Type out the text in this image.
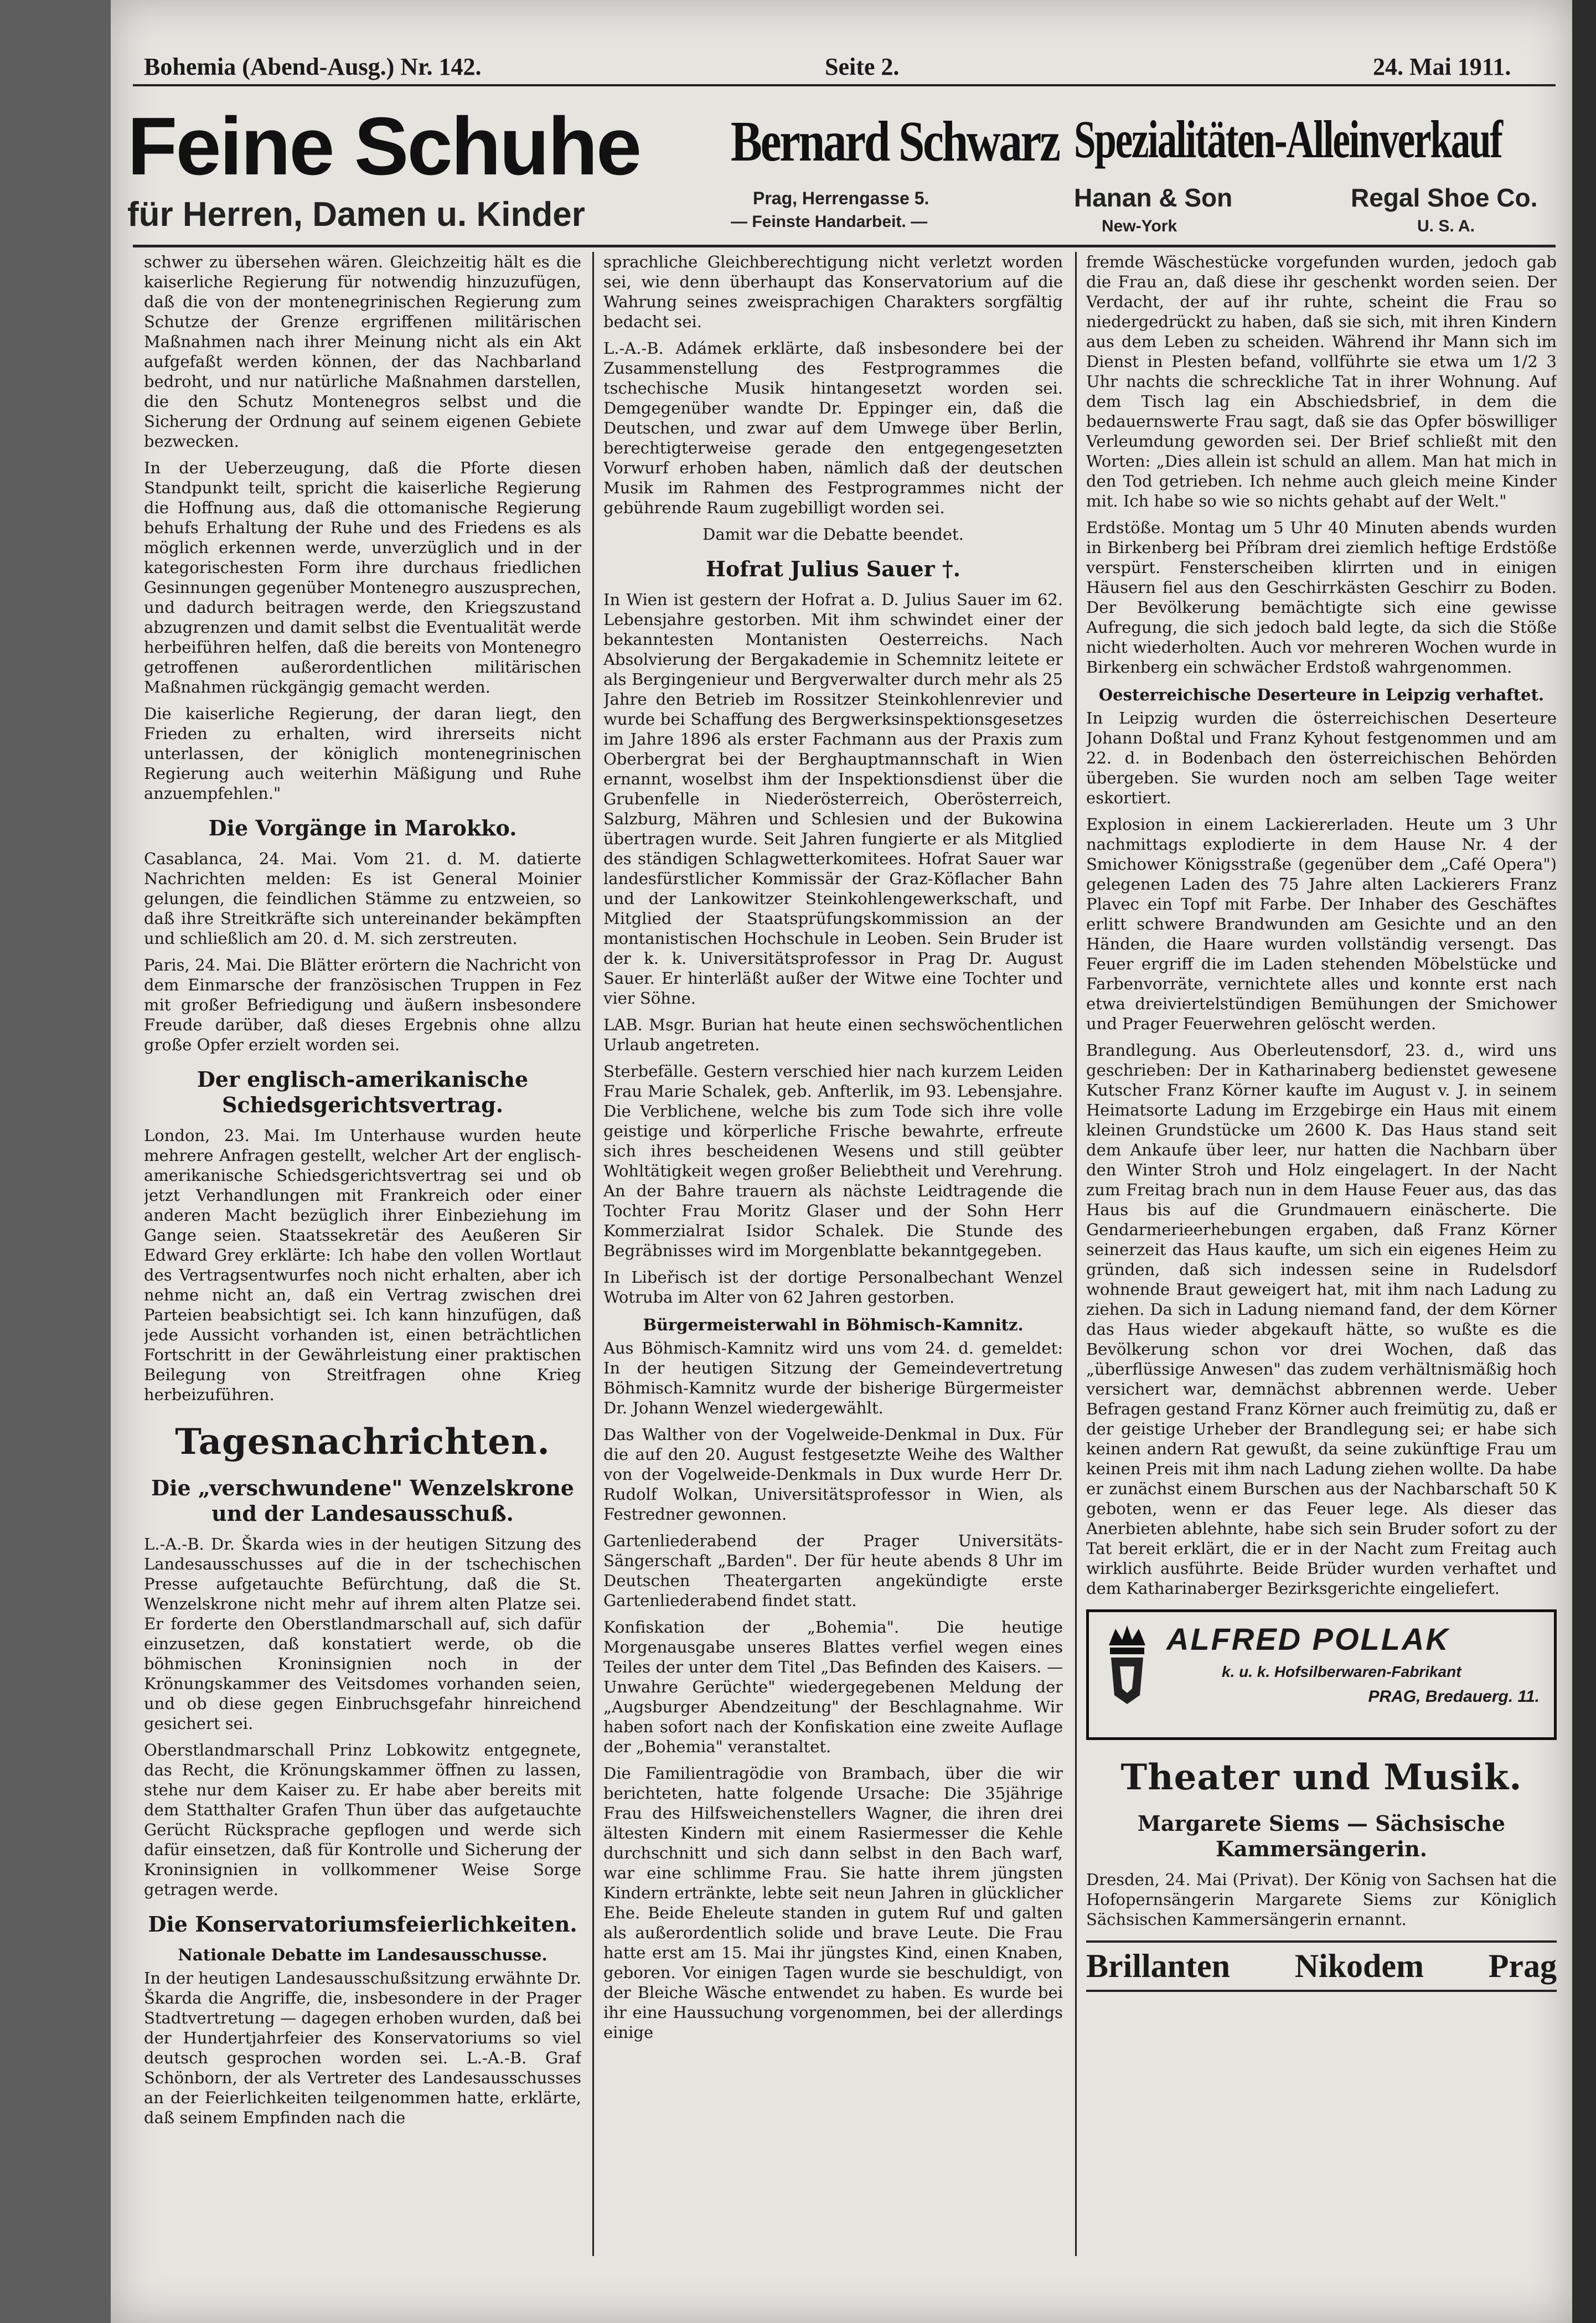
Bohemia (Abend-Ausg.) Nr. 142.	Seite 2.	24. Mai 1911.
Feine Schuhe
für Herren, Damen u. Kinder
Bernard Schwarz
Prag, Herrengasse 5.
— Feinste Handarbeit. —
Spezialitäten-Alleinverkauf
Hanan & Son
New-York
Regal Shoe Co.
U. S. A.

schwer zu übersehen wären. Gleichzeitig hält es die kaiserliche Regierung für notwendig hinzuzufügen, daß die von der montenegrinischen Regierung zum Schutze der Grenze ergriffenen militärischen Maßnahmen nach ihrer Meinung nicht als ein Akt aufgefaßt werden können, der das Nachbarland bedroht, und nur natürliche Maßnahmen darstellen, die den Schutz Montenegros selbst und die Sicherung der Ordnung auf seinem eigenen Gebiete bezwecken.

In der Ueberzeugung, daß die Pforte diesen Standpunkt teilt, spricht die kaiserliche Regierung die Hoffnung aus, daß die ottomanische Regierung behufs Erhaltung der Ruhe und des Friedens es als möglich erkennen werde, unverzüglich und in der kategorischesten Form ihre durchaus friedlichen Gesinnungen gegenüber Montenegro auszusprechen, und dadurch beitragen werde, den Kriegszustand abzugrenzen und damit selbst die Eventualität werde herbeiführen helfen, daß die bereits von Montenegro getroffenen außerordentlichen militärischen Maßnahmen rückgängig gemacht werden.

Die kaiserliche Regierung, der daran liegt, den Frieden zu erhalten, wird ihrerseits nicht unterlassen, der königlich montenegrinischen Regierung auch weiterhin Mäßigung und Ruhe anzuempfehlen."

Die Vorgänge in Marokko.

Casablanca, 24. Mai. Vom 21. d. M. datierte Nachrichten melden: Es ist General Moinier gelungen, die feindlichen Stämme zu entzweien, so daß ihre Streitkräfte sich untereinander bekämpften und schließlich am 20. d. M. sich zerstreuten.

Paris, 24. Mai. Die Blätter erörtern die Nachricht von dem Einmarsche der französischen Truppen in Fez mit großer Befriedigung und äußern insbesondere Freude darüber, daß dieses Ergebnis ohne allzu große Opfer erzielt worden sei.

Der englisch-amerikanische Schiedsgerichtsvertrag.

London, 23. Mai. Im Unterhause wurden heute mehrere Anfragen gestellt, welcher Art der englisch-amerikanische Schiedsgerichtsvertrag sei und ob jetzt Verhandlungen mit Frankreich oder einer anderen Macht bezüglich ihrer Einbeziehung im Gange seien. Staatssekretär des Aeußeren Sir Edward Grey erklärte: Ich habe den vollen Wortlaut des Vertragsentwurfes noch nicht erhalten, aber ich nehme nicht an, daß ein Vertrag zwischen drei Parteien beabsichtigt sei. Ich kann hinzufügen, daß jede Aussicht vorhanden ist, einen beträchtlichen Fortschritt in der Gewährleistung einer praktischen Beilegung von Streitfragen ohne Krieg herbeizuführen.

Tagesnachrichten.
Die „verschwundene" Wenzelskrone und der Landesausschuß.

L.-A.-B. Dr. Škarda wies in der heutigen Sitzung des Landesausschusses auf die in der tschechischen Presse aufgetauchte Befürchtung, daß die St. Wenzelskrone nicht mehr auf ihrem alten Platze sei. Er forderte den Oberstlandmarschall auf, sich dafür einzusetzen, daß konstatiert werde, ob die böhmischen Kroninsignien noch in der Krönungskammer des Veitsdomes vorhanden seien, und ob diese gegen Einbruchsgefahr hinreichend gesichert sei.

Oberstlandmarschall Prinz Lobkowitz entgegnete, das Recht, die Krönungskammer öffnen zu lassen, stehe nur dem Kaiser zu. Er habe aber bereits mit dem Statthalter Grafen Thun über das aufgetauchte Gerücht Rücksprache gepflogen und werde sich dafür einsetzen, daß für Kontrolle und Sicherung der Kroninsignien in vollkommener Weise Sorge getragen werde.

Die Konservatoriumsfeierlichkeiten.
Nationale Debatte im Landesausschusse.

In der heutigen Landesausschußsitzung erwähnte Dr. Škarda die Angriffe, die, insbesondere in der Prager Stadtvertretung — dagegen erhoben wurden, daß bei der Hundertjahrfeier des Konservatoriums so viel deutsch gesprochen worden sei. L.-A.-B. Graf Schönborn, der als Vertreter des Landesausschusses an der Feierlichkeiten teilgenommen hatte, erklärte, daß seinem Empfinden nach die

sprachliche Gleichberechtigung nicht verletzt worden sei, wie denn überhaupt das Konservatorium auf die Wahrung seines zweisprachigen Charakters sorgfältig bedacht sei.

L.-A.-B. Adámek erklärte, daß insbesondere bei der Zusammenstellung des Festprogrammes die tschechische Musik hintangesetzt worden sei. Demgegenüber wandte Dr. Eppinger ein, daß die Deutschen, und zwar auf dem Umwege über Berlin, berechtigterweise gerade den entgegengesetzten Vorwurf erhoben haben, nämlich daß der deutschen Musik im Rahmen des Festprogrammes nicht der gebührende Raum zugebilligt worden sei.

Damit war die Debatte beendet.

Hofrat Julius Sauer †.

In Wien ist gestern der Hofrat a. D. Julius Sauer im 62. Lebensjahre gestorben. Mit ihm schwindet einer der bekanntesten Montanisten Oesterreichs. Nach Absolvierung der Bergakademie in Schemnitz leitete er als Bergingenieur und Bergverwalter durch mehr als 25 Jahre den Betrieb im Rossitzer Steinkohlenrevier und wurde bei Schaffung des Bergwerksinspektionsgesetzes im Jahre 1896 als erster Fachmann aus der Praxis zum Oberbergrat bei der Berghauptmannschaft in Wien ernannt, woselbst ihm der Inspektionsdienst über die Grubenfelle in Niederösterreich, Oberösterreich, Salzburg, Mähren und Schlesien und der Bukowina übertragen wurde. Seit Jahren fungierte er als Mitglied des ständigen Schlagwetterkomitees. Hofrat Sauer war landesfürstlicher Kommissär der Graz-Köflacher Bahn und der Lankowitzer Steinkohlengewerkschaft, und Mitglied der Staatsprüfungskommission an der montanistischen Hochschule in Leoben. Sein Bruder ist der k. k. Universitätsprofessor in Prag Dr. August Sauer. Er hinterläßt außer der Witwe eine Tochter und vier Söhne.

LAB. Msgr. Burian hat heute einen sechswöchentlichen Urlaub angetreten.

Sterbefälle. Gestern verschied hier nach kurzem Leiden Frau Marie Schalek, geb. Anfterlik, im 93. Lebensjahre. Die Verblichene, welche bis zum Tode sich ihre volle geistige und körperliche Frische bewahrte, erfreute sich ihres bescheidenen Wesens und still geübter Wohltätigkeit wegen großer Beliebtheit und Verehrung. An der Bahre trauern als nächste Leidtragende die Tochter Frau Moritz Glaser und der Sohn Herr Kommerzialrat Isidor Schalek. Die Stunde des Begräbnisses wird im Morgenblatte bekanntgegeben.

In Libeřisch ist der dortige Personalbechant Wenzel Wotruba im Alter von 62 Jahren gestorben.

Bürgermeisterwahl in Böhmisch-Kamnitz.

Aus Böhmisch-Kamnitz wird uns vom 24. d. gemeldet: In der heutigen Sitzung der Gemeindevertretung Böhmisch-Kamnitz wurde der bisherige Bürgermeister Dr. Johann Wenzel wiedergewählt.

Das Walther von der Vogelweide-Denkmal in Dux. Für die auf den 20. August festgesetzte Weihe des Walther von der Vogelweide-Denkmals in Dux wurde Herr Dr. Rudolf Wolkan, Universitätsprofessor in Wien, als Festredner gewonnen.

Gartenliederabend der Prager Universitäts-Sängerschaft „Barden". Der für heute abends 8 Uhr im Deutschen Theatergarten angekündigte erste Gartenliederabend findet statt.

Konfiskation der „Bohemia". Die heutige Morgenausgabe unseres Blattes verfiel wegen eines Teiles der unter dem Titel „Das Befinden des Kaisers. — Unwahre Gerüchte" wiedergegebenen Meldung der „Augsburger Abendzeitung" der Beschlagnahme. Wir haben sofort nach der Konfiskation eine zweite Auflage der „Bohemia" veranstaltet.

Die Familientragödie von Brambach, über die wir berichteten, hatte folgende Ursache: Die 35jährige Frau des Hilfsweichenstellers Wagner, die ihren drei ältesten Kindern mit einem Rasiermesser die Kehle durchschnitt und sich dann selbst in den Bach warf, war eine schlimme Frau. Sie hatte ihrem jüngsten Kindern ertränkte, lebte seit neun Jahren in glücklicher Ehe. Beide Eheleute standen in gutem Ruf und galten als außerordentlich solide und brave Leute. Die Frau hatte erst am 15. Mai ihr jüngstes Kind, einen Knaben, geboren. Vor einigen Tagen wurde sie beschuldigt, von der Bleiche Wäsche entwendet zu haben. Es wurde bei ihr eine Haussuchung vorgenommen, bei der allerdings einige

fremde Wäschestücke vorgefunden wurden, jedoch gab die Frau an, daß diese ihr geschenkt worden seien. Der Verdacht, der auf ihr ruhte, scheint die Frau so niedergedrückt zu haben, daß sie sich, mit ihren Kindern aus dem Leben zu scheiden. Während ihr Mann sich im Dienst in Plesten befand, vollführte sie etwa um 1/2 3 Uhr nachts die schreckliche Tat in ihrer Wohnung. Auf dem Tisch lag ein Abschiedsbrief, in dem die bedauernswerte Frau sagt, daß sie das Opfer böswilliger Verleumdung geworden sei. Der Brief schließt mit den Worten: „Dies allein ist schuld an allem. Man hat mich in den Tod getrieben. Ich nehme auch gleich meine Kinder mit. Ich habe so wie so nichts gehabt auf der Welt."

Erdstöße. Montag um 5 Uhr 40 Minuten abends wurden in Birkenberg bei Příbram drei ziemlich heftige Erdstöße verspürt. Fensterscheiben klirrten und in einigen Häusern fiel aus den Geschirrkästen Geschirr zu Boden. Der Bevölkerung bemächtigte sich eine gewisse Aufregung, die sich jedoch bald legte, da sich die Stöße nicht wiederholten. Auch vor mehreren Wochen wurde in Birkenberg ein schwächer Erdstoß wahrgenommen.

Oesterreichische Deserteure in Leipzig verhaftet.

In Leipzig wurden die österreichischen Deserteure Johann Doßtal und Franz Kyhout festgenommen und am 22. d. in Bodenbach den österreichischen Behörden übergeben. Sie wurden noch am selben Tage weiter eskortiert.

Explosion in einem Lackiererladen. Heute um 3 Uhr nachmittags explodierte in dem Hause Nr. 4 der Smichower Königsstraße (gegenüber dem „Café Opera") gelegenen Laden des 75 Jahre alten Lackierers Franz Plavec ein Topf mit Farbe. Der Inhaber des Geschäftes erlitt schwere Brandwunden am Gesichte und an den Händen, die Haare wurden vollständig versengt. Das Feuer ergriff die im Laden stehenden Möbelstücke und Farbenvorräte, vernichtete alles und konnte erst nach etwa dreiviertelstündigen Bemühungen der Smichower und Prager Feuerwehren gelöscht werden.

Brandlegung. Aus Oberleutensdorf, 23. d., wird uns geschrieben: Der in Katharinaberg bedienstet gewesene Kutscher Franz Körner kaufte im August v. J. in seinem Heimatsorte Ladung im Erzgebirge ein Haus mit einem kleinen Grundstücke um 2600 K. Das Haus stand seit dem Ankaufe über leer, nur hatten die Nachbarn über den Winter Stroh und Holz eingelagert. In der Nacht zum Freitag brach nun in dem Hause Feuer aus, das das Haus bis auf die Grundmauern einäscherte. Die Gendarmerieerhebungen ergaben, daß Franz Körner seinerzeit das Haus kaufte, um sich ein eigenes Heim zu gründen, daß sich indessen seine in Rudelsdorf wohnende Braut geweigert hat, mit ihm nach Ladung zu ziehen. Da sich in Ladung niemand fand, der dem Körner das Haus wieder abgekauft hätte, so wußte es die Bevölkerung schon vor drei Wochen, daß das „überflüssige Anwesen" das zudem verhältnismäßig hoch versichert war, demnächst abbrennen werde. Ueber Befragen gestand Franz Körner auch freimütig zu, daß er der geistige Urheber der Brandlegung sei; er habe sich keinen andern Rat gewußt, da seine zukünftige Frau um keinen Preis mit ihm nach Ladung ziehen wollte. Da habe er zunächst einem Burschen aus der Nachbarschaft 50 K geboten, wenn er das Feuer lege. Als dieser das Anerbieten ablehnte, habe sich sein Bruder sofort zu der Tat bereit erklärt, die er in der Nacht zum Freitag auch wirklich ausführte. Beide Brüder wurden verhaftet und dem Katharinaberger Bezirksgerichte eingeliefert.

ALFRED POLLAK
k. u. k. Hofsilberwaren-Fabrikant
PRAG, Bredauerg. 11.
Theater und Musik.
Margarete Siems — Sächsische Kammersängerin.

Dresden, 24. Mai (Privat). Der König von Sachsen hat die Hofopernsängerin Margarete Siems zur Königlich Sächsischen Kammersängerin ernannt.

Brillanten Nikodem Prag
